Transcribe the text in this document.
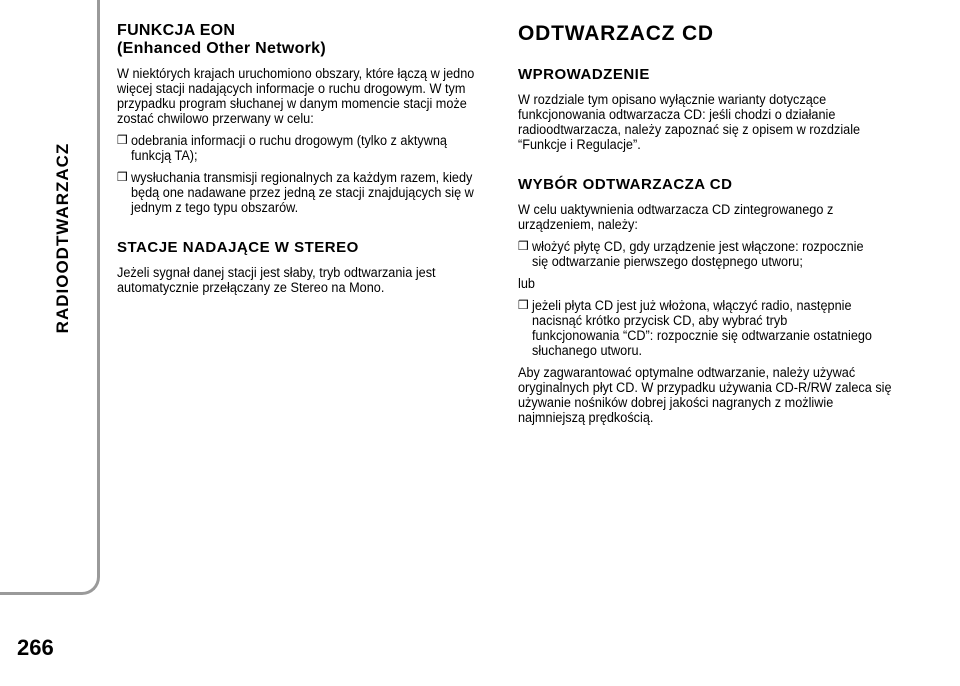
RADIOODTWARZACZ
266
FUNKCJA EON
(Enhanced Other Network)

W niektórych krajach uruchomiono obszary, które łączą w jedno więcej stacji nadających informacje o ruchu drogowym. W tym przypadku program słuchanej w danym momencie stacji może zostać chwilowo przerwany w celu:

❒ odebrania informacji o ruchu drogowym (tylko z aktywną funkcją TA);

❒ wysłuchania transmisji regionalnych za każdym razem, kiedy będą one nadawane przez jedną ze stacji znajdujących się w jednym z tego typu obszarów.

STACJE NADAJĄCE W STEREO

Jeżeli sygnał danej stacji jest słaby, tryb odtwarzania jest automatycznie przełączany ze Stereo na Mono.

ODTWARZACZ CD
WPROWADZENIE

W rozdziale tym opisano wyłącznie warianty dotyczące funkcjonowania odtwarzacza CD: jeśli chodzi o działanie radioodtwarzacza, należy zapoznać się z opisem w rozdziale “Funkcje i Regulacje”.

WYBÓR ODTWARZACZA CD

W celu uaktywnienia odtwarzacza CD zintegrowanego z urządzeniem, należy:

❒ włożyć płytę CD, gdy urządzenie jest włączone: rozpocznie się odtwarzanie pierwszego dostępnego utworu;

lub

❒ jeżeli płyta CD jest już włożona, włączyć radio, następnie nacisnąć krótko przycisk CD, aby wybrać tryb funkcjonowania “CD”: rozpocznie się odtwarzanie ostatniego słuchanego utworu.

Aby zagwarantować optymalne odtwarzanie, należy używać oryginalnych płyt CD. W przypadku używania CD-R/RW zaleca się używanie nośników dobrej jakości nagranych z możliwie najmniejszą prędkością.
